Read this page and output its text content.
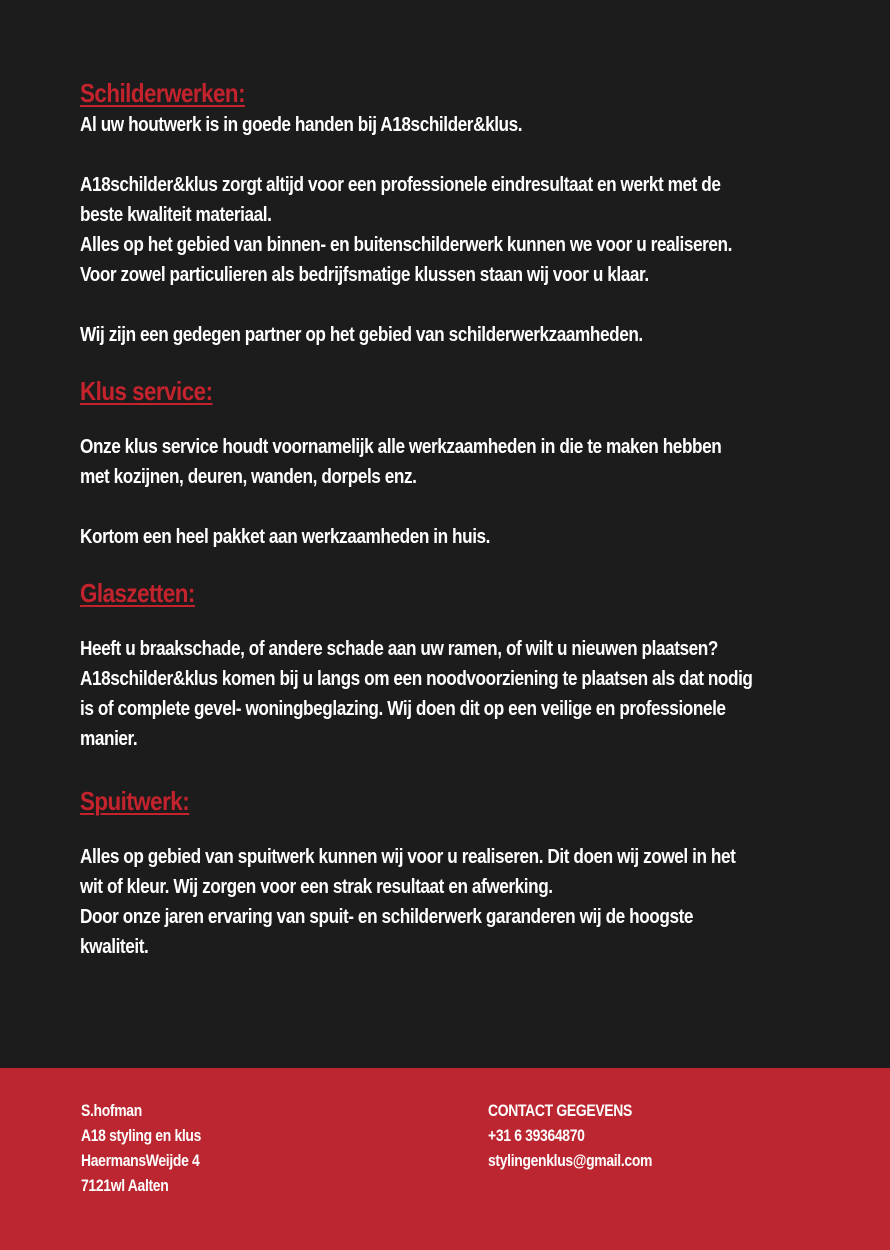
Schilderwerken:
Al uw houtwerk is in goede handen bij A18schilder&klus.
A18schilder&klus zorgt altijd voor een professionele eindresultaat en werkt met de
beste kwaliteit materiaal.
Alles op het gebied van binnen- en buitenschilderwerk kunnen we voor u realiseren.
Voor zowel particulieren als bedrijfsmatige klussen staan wij voor u klaar.
Wij zijn een gedegen partner op het gebied van schilderwerkzaamheden.
Klus service:
Onze klus service houdt voornamelijk alle werkzaamheden in die te maken hebben
met kozijnen, deuren, wanden, dorpels enz.
Kortom een heel pakket aan werkzaamheden in huis.
Glaszetten:
Heeft u braakschade, of andere schade aan uw ramen, of wilt u nieuwen plaatsen?
A18schilder&klus komen bij u langs om een noodvoorziening te plaatsen als dat nodig
is of complete gevel- woningbeglazing. Wij doen dit op een veilige en professionele
manier.
Spuitwerk:
Alles op gebied van spuitwerk kunnen wij voor u realiseren. Dit doen wij zowel in het
wit of kleur. Wij zorgen voor een strak resultaat en afwerking.
Door onze jaren ervaring van spuit- en schilderwerk garanderen wij de hoogste
kwaliteit.
S.hofman
A18 styling en klus
HaermansWeijde 4
7121wl Aalten
CONTACT GEGEVENS
+31 6 39364870
stylingenklus@gmail.com
